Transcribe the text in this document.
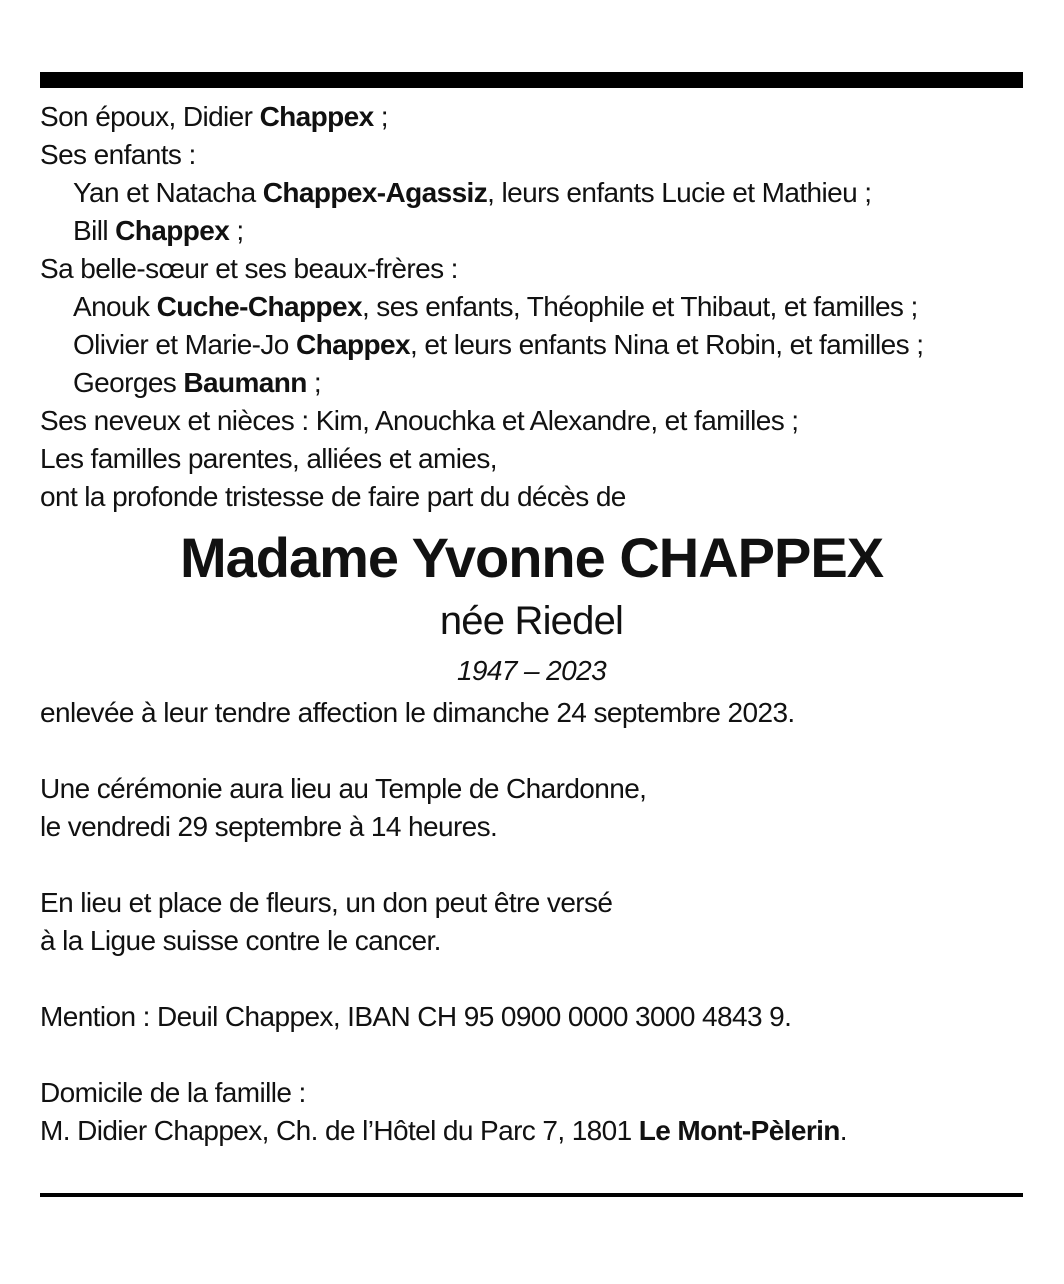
Son époux, Didier Chappex ;
Ses enfants :
Yan et Natacha Chappex-Agassiz, leurs enfants Lucie et Mathieu ;
Bill Chappex ;
Sa belle-sœur et ses beaux-frères :
Anouk Cuche-Chappex, ses enfants, Théophile et Thibaut, et familles ;
Olivier et Marie-Jo Chappex, et leurs enfants Nina et Robin, et familles ;
Georges Baumann ;
Ses neveux et nièces : Kim, Anouchka et Alexandre, et familles ;
Les familles parentes, alliées et amies,
ont la profonde tristesse de faire part du décès de
Madame Yvonne CHAPPEX
née Riedel
1947 – 2023
enlevée à leur tendre affection le dimanche 24 septembre 2023.
Une cérémonie aura lieu au Temple de Chardonne,
le vendredi 29 septembre à 14 heures.
En lieu et place de fleurs, un don peut être versé
à la Ligue suisse contre le cancer.
Mention : Deuil Chappex, IBAN CH 95 0900 0000 3000 4843 9.
Domicile de la famille :
M. Didier Chappex, Ch. de l’Hôtel du Parc 7, 1801 Le Mont-Pèlerin.
